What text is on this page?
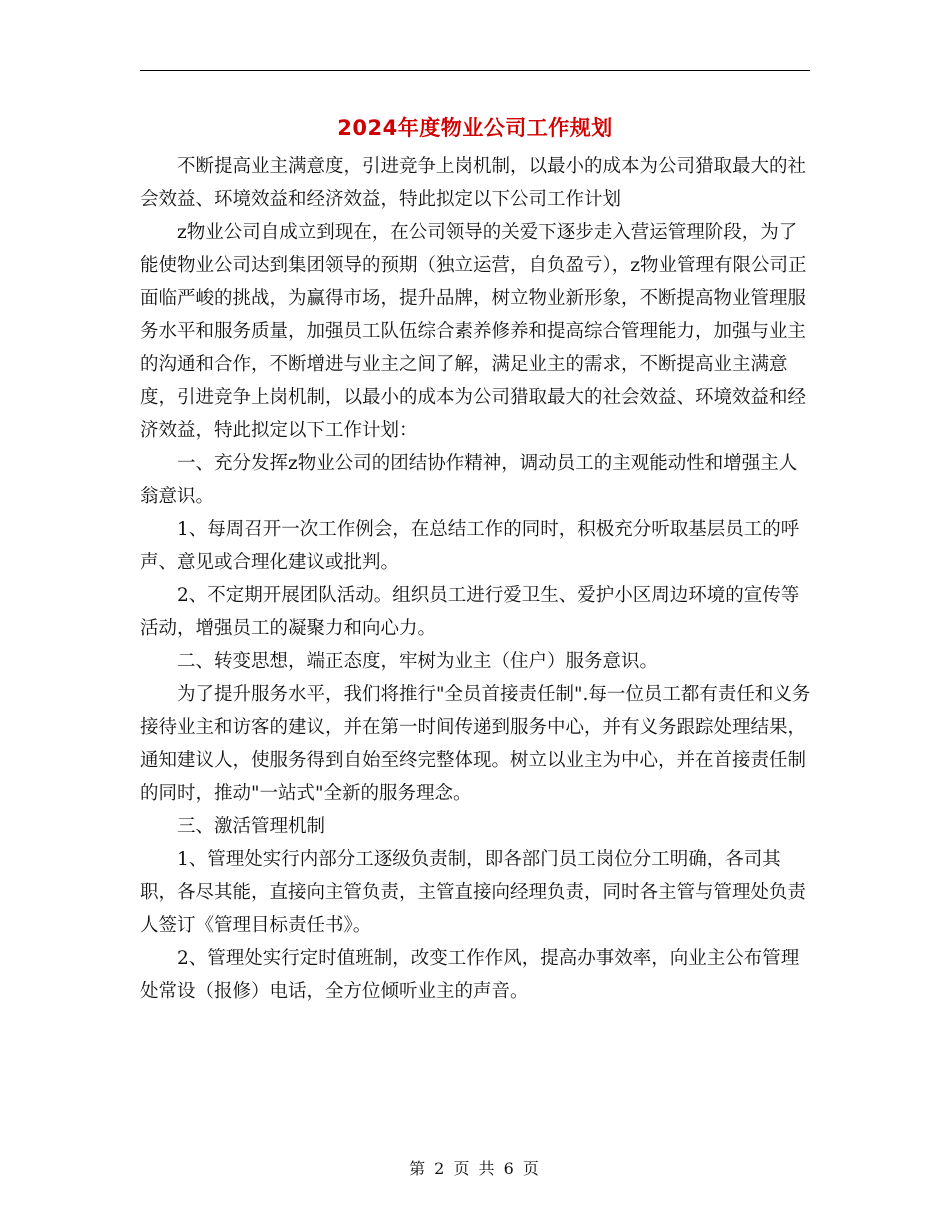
2024年度物业公司工作规划

不断提高业主满意度，引进竞争上岗机制，以最小的成本为公司猎取最大的社会效益、环境效益和经济效益，特此拟定以下公司工作计划

z物业公司自成立到现在，在公司领导的关爱下逐步走入营运管理阶段，为了能使物业公司达到集团领导的预期（独立运营，自负盈亏），z物业管理有限公司正面临严峻的挑战，为赢得市场，提升品牌，树立物业新形象，不断提高物业管理服务水平和服务质量，加强员工队伍综合素养修养和提高综合管理能力，加强与业主的沟通和合作，不断增进与业主之间了解，满足业主的需求，不断提高业主满意度，引进竞争上岗机制，以最小的成本为公司猎取最大的社会效益、环境效益和经济效益，特此拟定以下工作计划：

一、充分发挥z物业公司的团结协作精神，调动员工的主观能动性和增强主人翁意识。

1、每周召开一次工作例会，在总结工作的同时，积极充分听取基层员工的呼声、意见或合理化建议或批判。

2、不定期开展团队活动。组织员工进行爱卫生、爱护小区周边环境的宣传等活动，增强员工的凝聚力和向心力。

二、转变思想，端正态度，牢树为业主（住户）服务意识。

为了提升服务水平，我们将推行"全员首接责任制".每一位员工都有责任和义务接待业主和访客的建议，并在第一时间传递到服务中心，并有义务跟踪处理结果，通知建议人，使服务得到自始至终完整体现。树立以业主为中心，并在首接责任制的同时，推动"一站式"全新的服务理念。

三、激活管理机制

1、管理处实行内部分工逐级负责制，即各部门员工岗位分工明确，各司其职，各尽其能，直接向主管负责，主管直接向经理负责，同时各主管与管理处负责人签订《管理目标责任书》。

2、管理处实行定时值班制，改变工作作风，提高办事效率，向业主公布管理处常设（报修）电话，全方位倾听业主的声音。

第 2 页 共 6 页
